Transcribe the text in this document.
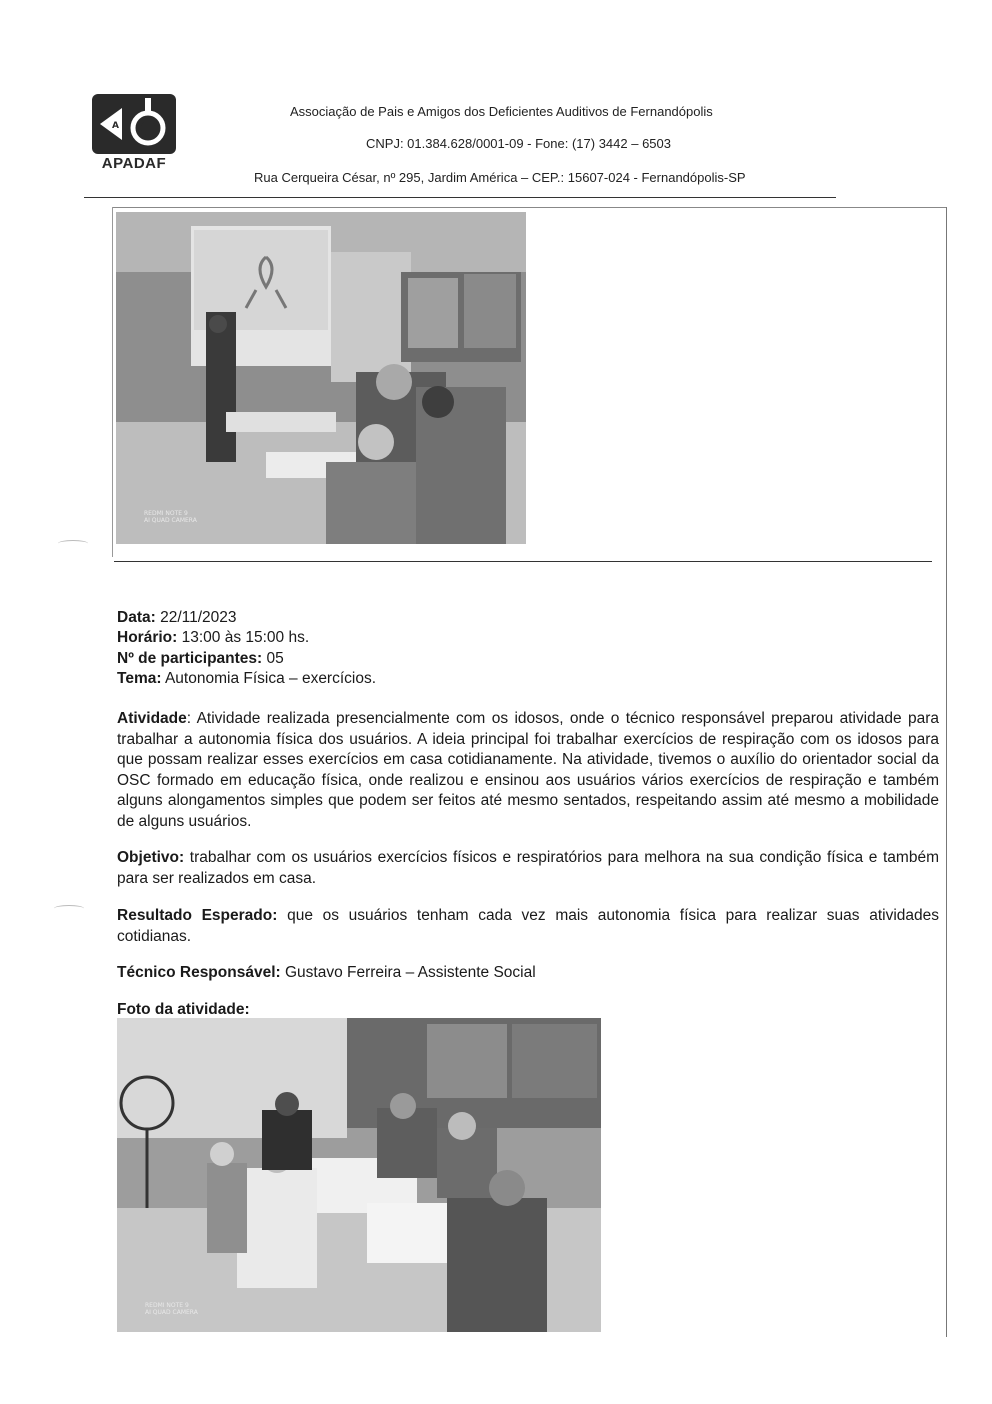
A
APADAF
Associação de Pais e Amigos dos Deficientes Auditivos de Fernandópolis
CNPJ: 01.384.628/0001-09 - Fone: (17) 3442 – 6503
Rua Cerqueira César, nº 295, Jardim América – CEP.: 15607-024 - Fernandópolis-SP
REDMI NOTE 9
AI QUAD CAMERA
Data: 22/11/2023
Horário: 13:00 às 15:00 hs.
Nº de participantes: 05
Tema: Autonomia Física – exercícios.
Atividade: Atividade realizada presencialmente com os idosos, onde o técnico responsável preparou atividade para trabalhar a autonomia física dos usuários. A ideia principal foi trabalhar exercícios de respiração com os idosos para que possam realizar esses exercícios em casa cotidianamente. Na atividade, tivemos o auxílio do orientador social da OSC formado em educação física, onde realizou e ensinou aos usuários vários exercícios de respiração e também alguns alongamentos simples que podem ser feitos até mesmo sentados, respeitando assim até mesmo a mobilidade de alguns usuários.
Objetivo: trabalhar com os usuários exercícios físicos e respiratórios para melhora na sua condição física e também para ser realizados em casa.
Resultado Esperado: que os usuários tenham cada vez mais autonomia física para realizar suas atividades cotidianas.
Técnico Responsável: Gustavo Ferreira – Assistente Social
Foto da atividade:
REDMI NOTE 9
AI QUAD CAMERA
